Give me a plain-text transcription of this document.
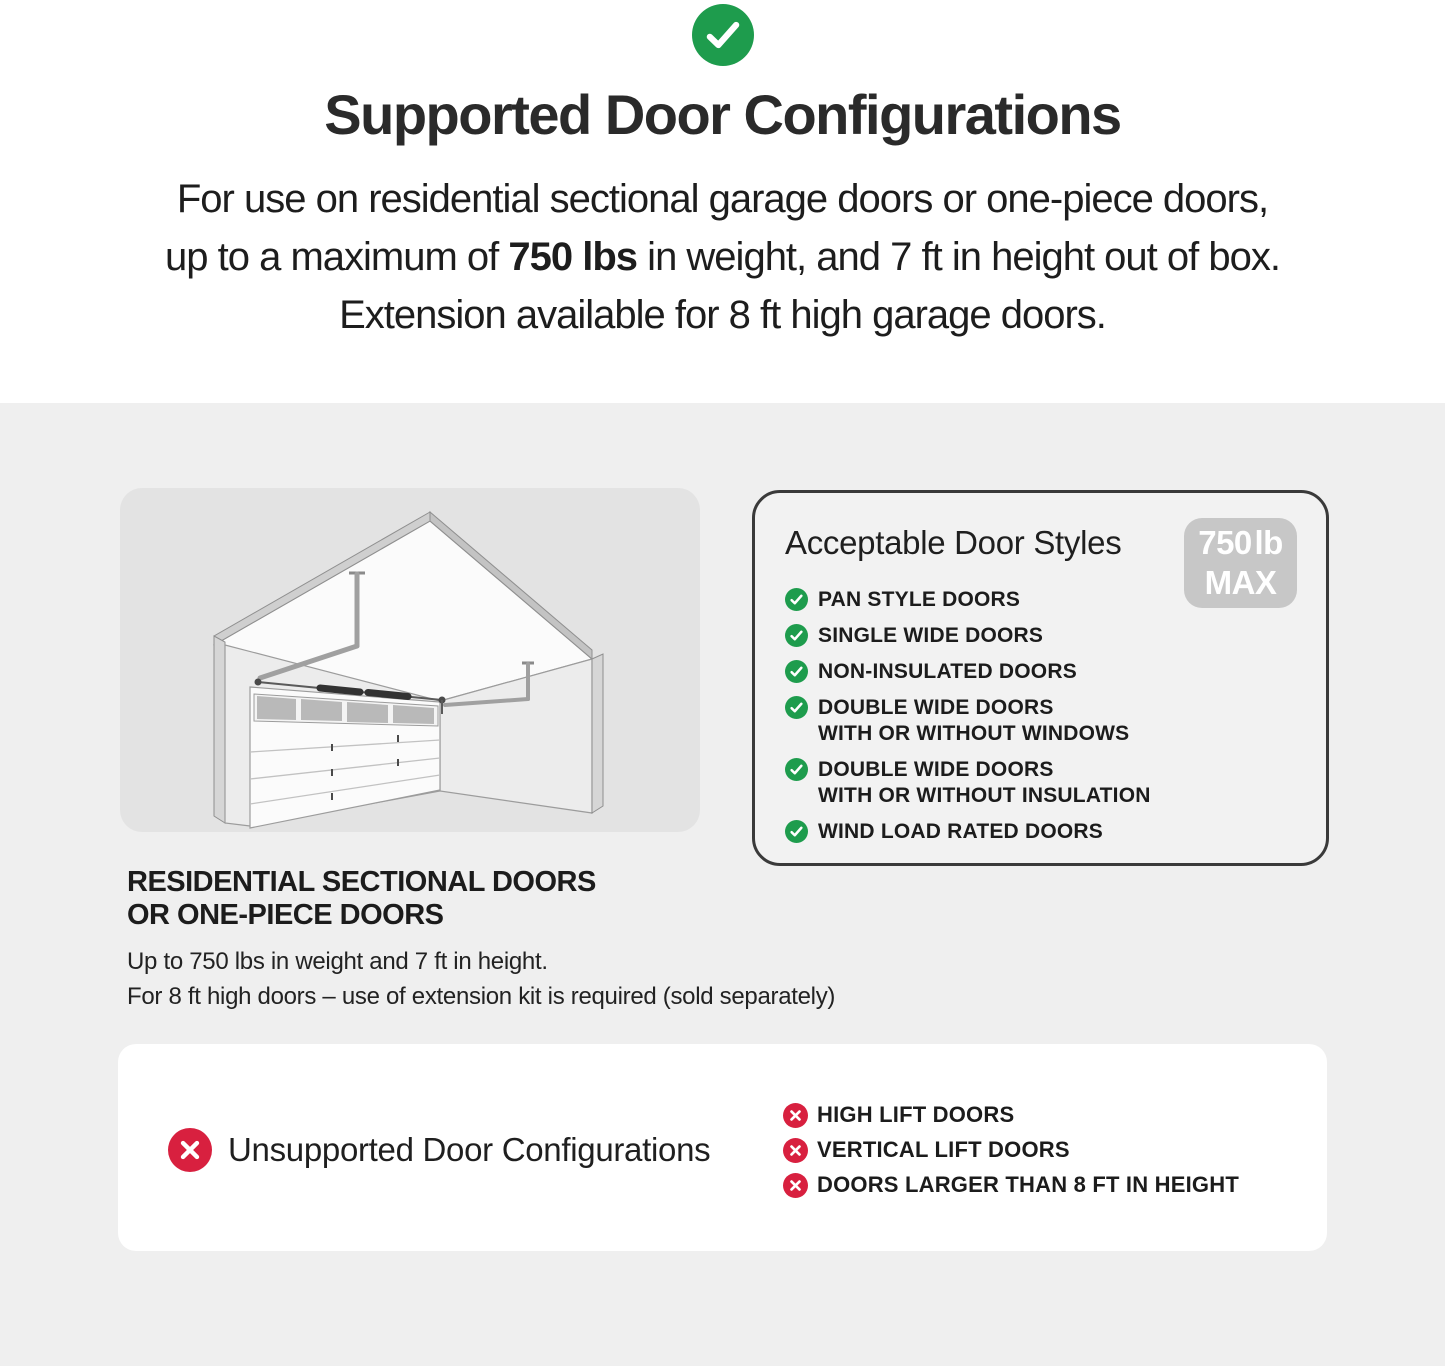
Supported Door Configurations
For use on residential sectional garage doors or one-piece doors,
up to a maximum of 750 lbs in weight, and 7 ft in height out of box.
Extension available for 8 ft high garage doors.
RESIDENTIAL SECTIONAL DOORS
OR ONE-PIECE DOORS
Up to 750 lbs in weight and 7 ft in height.
For 8 ft high doors – use of extension kit is required (sold separately)
Acceptable Door Styles 750 lb
MAX
PAN STYLE DOORS
SINGLE WIDE DOORS
NON-INSULATED DOORS
DOUBLE WIDE DOORS
WITH OR WITHOUT WINDOWS
DOUBLE WIDE DOORS
WITH OR WITHOUT INSULATION
WIND LOAD RATED DOORS
Unsupported Door Configurations
HIGH LIFT DOORS
VERTICAL LIFT DOORS
DOORS LARGER THAN 8 FT IN HEIGHT
